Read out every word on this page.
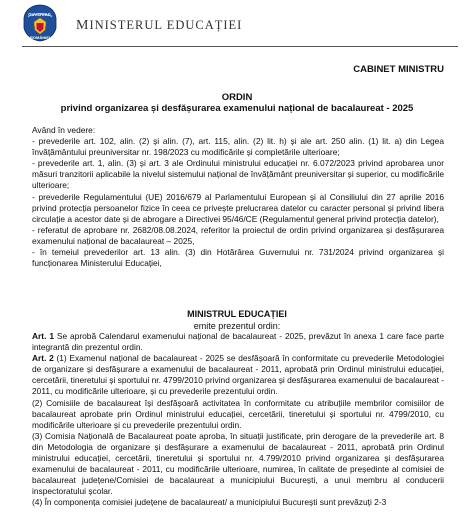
GUVERNUL
ROMÂNIEI
MINISTERUL EDUCAȚIEI
CABINET MINISTRU
ORDIN
privind organizarea și desfășurarea examenului național de bacalaureat - 2025

Având în vedere:

- prevederile art. 102, alin. (2) și alin. (7), art. 115, alin. (2) lit. h) și ale art. 250 alin. (1) lit. a) din Legea învățământului preuniversitar nr. 198/2023 cu modificările și completările ulterioare;

- prevederile art. 1, alin. (3) și art. 3 ale Ordinului ministrului educației nr. 6.072/2023 privind aprobarea unor măsuri tranzitorii aplicabile la nivelul sistemului național de învățământ preuniversitar și superior, cu modificările ulterioare;

- prevederile Regulamentului (UE) 2016/679 al Parlamentului European și al Consiliului din 27 aprilie 2016 privind protecția persoanelor fizice în ceea ce privește prelucrarea datelor cu caracter personal și privind libera circulație a acestor date și de abrogare a Directivei 95/46/CE (Regulamentul general privind protecția datelor),

- referatul de aprobare nr. 2682/08.08.2024, referitor la proiectul de ordin privind organizarea și desfășurarea examenului național de bacalaureat – 2025,

- în temeiul prevederilor art. 13 alin. (3) din Hotărârea Guvernului nr. 731/2024 privind organizarea și funcționarea Ministerului Educației,

MINISTRUL EDUCAȚIEI
emite prezentul ordin:

Art. 1 Se aprobă Calendarul examenului național de bacalaureat - 2025, prevăzut în anexa 1 care face parte integrantă din prezentul ordin.

Art. 2 (1) Examenul național de bacalaureat - 2025 se desfășoară în conformitate cu prevederile Metodologiei de organizare și desfășurare a examenului de bacalaureat - 2011, aprobată prin Ordinul ministrului educației, cercetării, tineretului și sportului nr. 4799/2010 privind organizarea și desfășurarea examenului de bacalaureat - 2011, cu modificările ulterioare, și cu prevederile prezentului ordin.

(2) Comisiile de bacalaureat își desfășoară activitatea în conformitate cu atribuțiile membrilor comisiilor de bacalaureat aprobate prin Ordinul ministrului educației, cercetării, tineretului și sportului nr. 4799/2010, cu modificările ulterioare și cu prevederile prezentului ordin.

(3) Comisia Națională de Bacalaureat poate aproba, în situații justificate, prin derogare de la prevederile art. 8 din Metodologia de organizare și desfășurare a examenului de bacalaureat - 2011, aprobată prin Ordinul ministrului educației, cercetării, tineretului și sportului nr. 4.799/2010 privind organizarea și desfășurarea examenului de bacalaureat - 2011, cu modificările ulterioare, numirea, în calitate de președinte al comisiei de bacalaureat județene/Comisiei de bacalaureat a municipiului București, a unui membru al conducerii inspectoratului școlar.

(4) În componența comisiei județene de bacalaureat/ a municipiului București sunt prevăzuți 2-3
